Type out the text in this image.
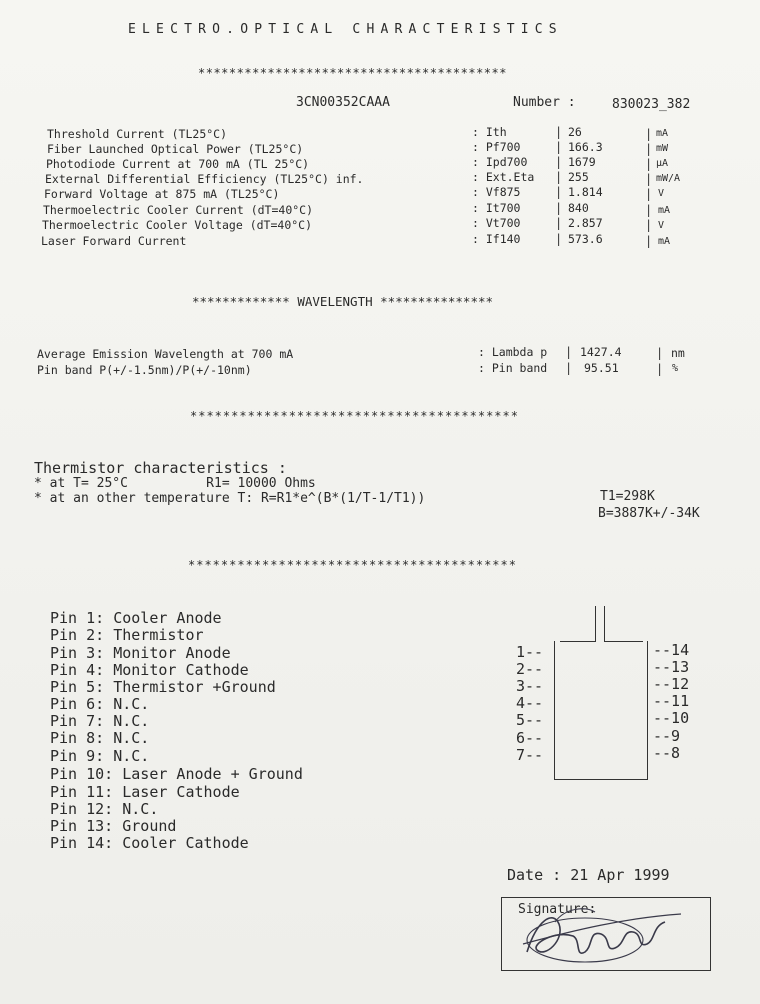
ELECTRO.OPTICAL CHARACTERISTICS
****************************************
3CN00352CAAA	Number :	830023_382
Threshold Current (TL25°C)	: Ith	| 26	| mA
Fiber Launched Optical Power (TL25°C)	: Pf700	| 166.3	| mW
Photodiode Current at 700 mA (TL 25°C)	: Ipd700 | 1679	| µA
External Differential Efficiency (TL25°C) inf.	: Ext.Eta | 255	| mW/A
Forward Voltage at 875 mA (TL25°C)	: Vf875	| 1.814	| V
Thermoelectric Cooler Current (dT=40°C)	: It700	| 840	| mA
Thermoelectric Cooler Voltage (dT=40°C)	: Vt700	| 2.857	| V
Laser Forward Current	: If140	| 573.6	| mA
************* WAVELENGTH ***************
Average Emission Wavelength at 700 mA	: Lambda p | 1427.4	| nm
Pin band P(+/-1.5nm)/P(+/-10nm)	: Pin band | 95.51	| %
****************************************
Thermistor characteristics :
* at T= 25°C          R1= 10000 Ohms
* at an other temperature T: R=R1*e^(B*(1/T-1/T1))	T1=298K
B=3887K+/-34K
****************************************
Pin 1: Cooler Anode
Pin 2: Thermistor
Pin 3: Monitor Anode
Pin 4: Monitor Cathode
Pin 5: Thermistor +Ground
Pin 6: N.C.
Pin 7: N.C.
Pin 8: N.C.
Pin 9: N.C.
Pin 10: Laser Anode + Ground
Pin 11: Laser Cathode
Pin 12: N.C.
Pin 13: Ground
Pin 14: Cooler Cathode
1--
2--
3--
4--
5--
6--
7--
--14
--13
--12
--11
--10
--9
--8
Date : 21 Apr 1999
Signature:
